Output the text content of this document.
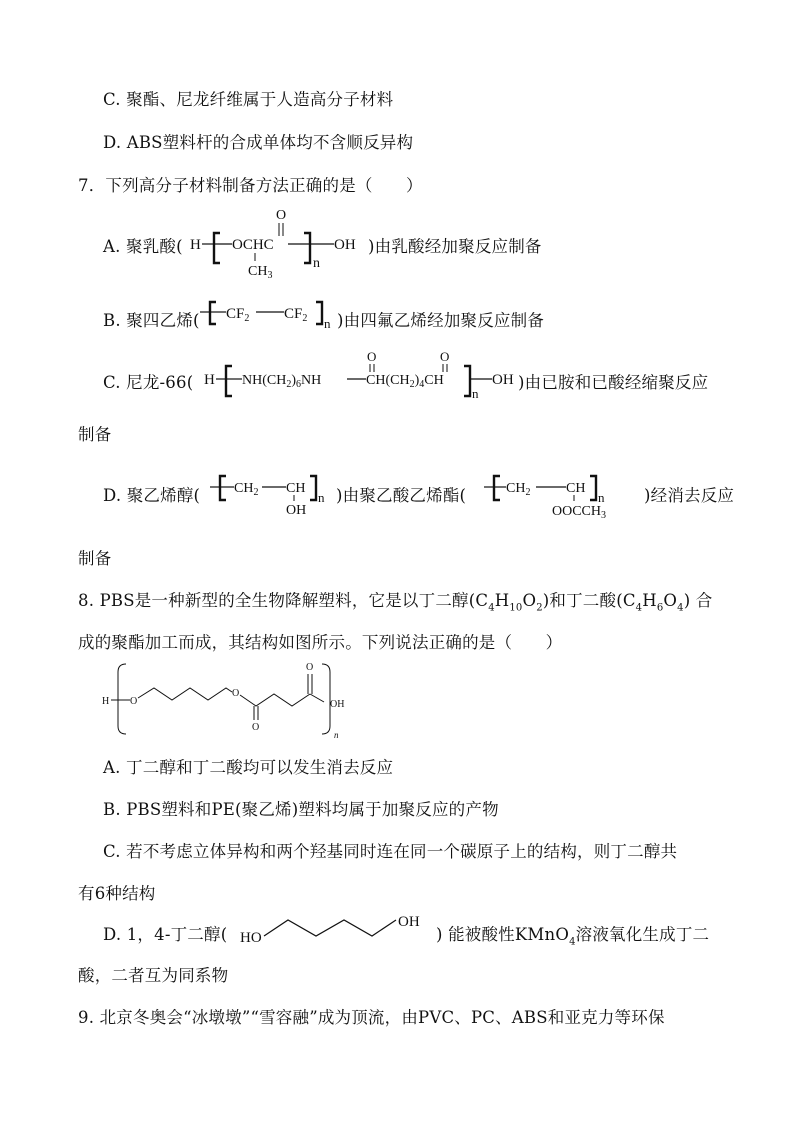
C. 聚酯、尼龙纤维属于人造高分子材料
D. ABS塑料杆的合成单体均不含顺反异构
7．下列高分子材料制备方法正确的是（　　）
A. 聚乳酸( H OCHC
O
$CH_3$
n
OH )由乳酸经加聚反应制备
B. 聚四乙烯( $CF_2$ $CF_2$ n )由四氟乙烯经加聚反应制备
C. 尼龙-66( H $NH(CH_2)_6NH$
O
$CH(CH_2)_4CH$
O
n
OH )由已胺和已酸经缩聚反应
制备
D. 聚乙烯醇( $CH_2$ CH
OH
n )由聚乙酸乙烯酯(	$CH_2$	CH
$OOCCH_3$
n )经消去反应
制备
8. PBS是一种新型的全生物降解塑料，它是以丁二醇$(C_4H_{10}O_2)$和丁二酸$(C_4H_6O_4)$ 合
成的聚酯加工而成，其结构如图所示。下列说法正确的是（　　）
H O
O
O
O
OH
n
A. 丁二醇和丁二酸均可以发生消去反应
B. PBS塑料和PE(聚乙烯)塑料均属于加聚反应的产物
C. 若不考虑立体异构和两个羟基同时连在同一个碳原子上的结构，则丁二醇共
有6种结构
D. 1，4-丁二醇( HO
OH
) 能被酸性KMnO$_4$溶液氧化生成丁二
酸，二者互为同系物
9. 北京冬奥会“冰墩墩”“雪容融”成为顶流，由PVC、PC、ABS和亚克力等环保
